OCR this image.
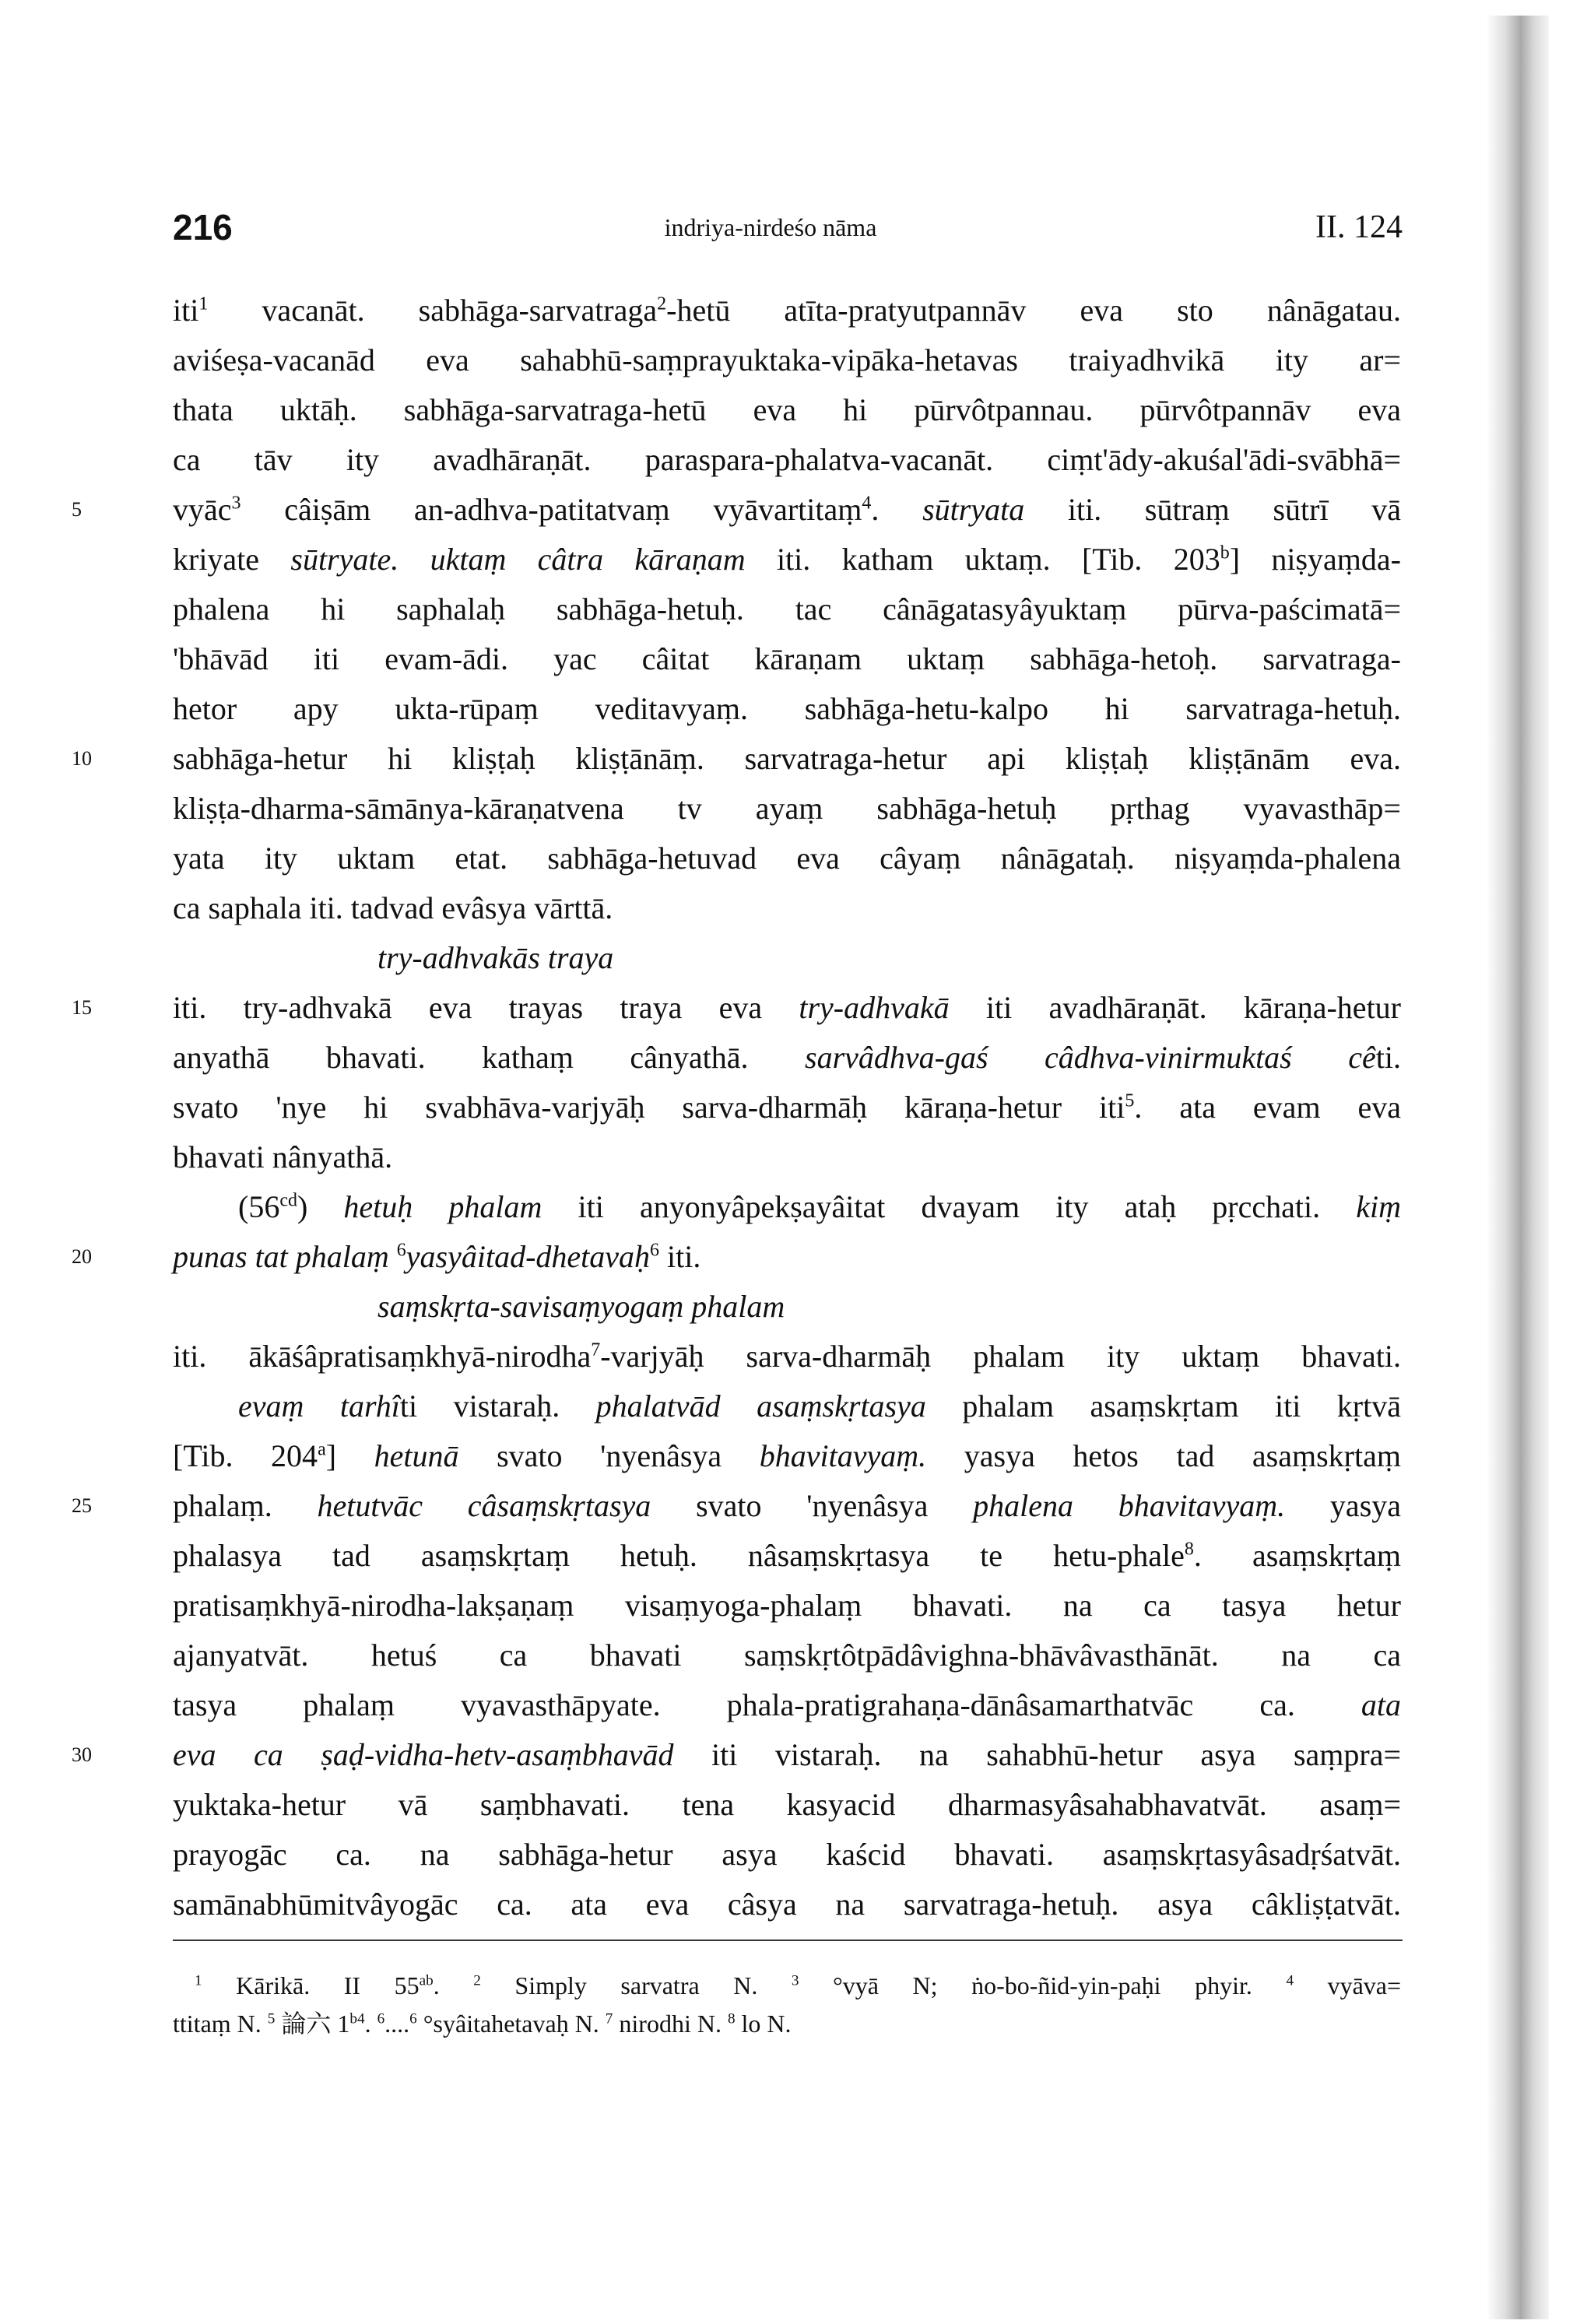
216	indriya-nirdeśo nāma	II. 124
iti$^1$ vacanāt. sabhāga-sarvatraga$^2$-hetū atīta-pratyutpannāv eva sto nânāgatau.
aviśeṣa-vacanād eva sahabhū-saṃprayuktaka-vipāka-hetavas traiyadhvikā ity ar=
thata uktāḥ. sabhāga-sarvatraga-hetū eva hi pūrvôtpannau. pūrvôtpannāv eva
ca tāv ity avadhāraṇāt. paraspara-phalatva-vacanāt. ciṃt'ādy-akuśal'ādi-svābhā=
vyāc$^3$ câiṣām an-adhva-patitatvaṃ vyāvartitaṃ$^4$. sūtryata iti. sūtraṃ sūtrī vā
5
kriyate sūtryate. uktaṃ câtra kāraṇam iti. katham uktaṃ. [Tib. 203$^b$] niṣyaṃda-
phalena hi saphalaḥ sabhāga-hetuḥ. tac cânāgatasyâyuktaṃ pūrva-paścimatā=
'bhāvād iti evam-ādi. yac câitat kāraṇam uktaṃ sabhāga-hetoḥ. sarvatraga-
hetor apy ukta-rūpaṃ veditavyaṃ. sabhāga-hetu-kalpo hi sarvatraga-hetuḥ.
sabhāga-hetur hi kliṣṭaḥ kliṣṭānāṃ. sarvatraga-hetur api kliṣṭaḥ kliṣṭānām eva.
10
kliṣṭa-dharma-sāmānya-kāraṇatvena tv ayaṃ sabhāga-hetuḥ pṛthag vyavasthāp=
yata ity uktam etat. sabhāga-hetuvad eva câyaṃ nânāgataḥ. niṣyaṃda-phalena
ca saphala iti. tadvad evâsya vārttā.
try-adhvakās traya
iti. try-adhvakā eva trayas traya eva try-adhvakā iti avadhāraṇāt. kāraṇa-hetur
15
anyathā bhavati. kathaṃ cânyathā. sarvâdhva-gaś câdhva-vinirmuktaś cêti.
svato 'nye hi svabhāva-varjyāḥ sarva-dharmāḥ kāraṇa-hetur iti$^5$. ata evam eva
bhavati nânyathā.
$(56^{cd})$ hetuḥ phalam iti anyonyâpekṣayâitat dvayam ity ataḥ pṛcchati. kiṃ
punas tat phalaṃ $^6$yasyâitad-dhetavaḥ$^6$ iti.
20
saṃskṛta-savisaṃyogaṃ phalam
iti. ākāśâpratisaṃkhyā-nirodha$^7$-varjyāḥ sarva-dharmāḥ phalam ity uktaṃ bhavati.
evaṃ tarhîti vistaraḥ. phalatvād asaṃskṛtasya phalam asaṃskṛtam iti kṛtvā
[Tib. 204$^a$] hetunā svato 'nyenâsya bhavitavyaṃ. yasya hetos tad asaṃskṛtaṃ
phalaṃ. hetutvāc câsaṃskṛtasya svato 'nyenâsya phalena bhavitavyaṃ. yasya
25
phalasya tad asaṃskṛtaṃ hetuḥ. nâsaṃskṛtasya te hetu-phale$^8$. asaṃskṛtaṃ
pratisaṃkhyā-nirodha-lakṣaṇaṃ visaṃyoga-phalaṃ bhavati. na ca tasya hetur
ajanyatvāt. hetuś ca bhavati saṃskṛtôtpādâvighna-bhāvâvasthānāt. na ca
tasya phalaṃ vyavasthāpyate. phala-pratigrahaṇa-dānâsamarthatvāc ca. ata
eva ca ṣaḍ-vidha-hetv-asaṃbhavād iti vistaraḥ. na sahabhū-hetur asya saṃpra=
30
yuktaka-hetur vā saṃbhavati. tena kasyacid dharmasyâsahabhavatvāt. asaṃ=
prayogāc ca. na sabhāga-hetur asya kaścid bhavati. asaṃskṛtasyâsadṛśatvāt.
samānabhūmitvâyogāc ca. ata eva câsya na sarvatraga-hetuḥ. asya câkliṣṭatvāt.
$^1$ Kārikā. II $55^{ab}$. $^2$ Simply sarvatra N. $^3$ °vyā N; ṅo-bo-ñid-yin-paḥi phyir. $^4$ vyāva=
ttitaṃ N. $^5$ 論六 $1^{b4}$. $^6$....$^6$ °syâitahetavaḥ N. $^7$ nirodhi N. $^8$ lo N.
